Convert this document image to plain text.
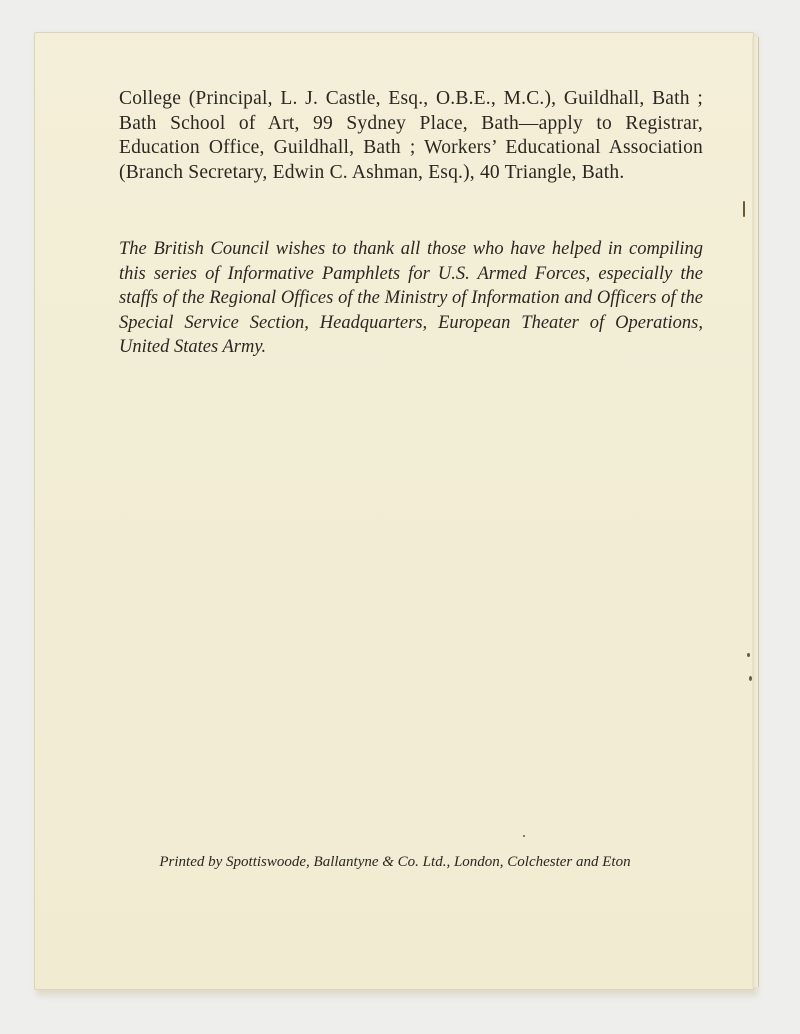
College (Principal, L. J. Castle, Esq., O.B.E., M.C.), Guildhall, Bath ; Bath School of Art, 99 Sydney Place, Bath—apply to Registrar, Education Office, Guildhall, Bath ; Workers’ Educational Association (Branch Secretary, Edwin C. Ashman, Esq.), 40 Triangle, Bath.

The British Council wishes to thank all those who have helped in compiling this series of Informative Pamphlets for U.S. Armed Forces, especially the staffs of the Regional Offices of the Ministry of Information and Officers of the Special Service Section, Headquarters, European Theater of Operations, United States Army.

Printed by Spottiswoode, Ballantyne & Co. Ltd., London, Colchester and Eton
